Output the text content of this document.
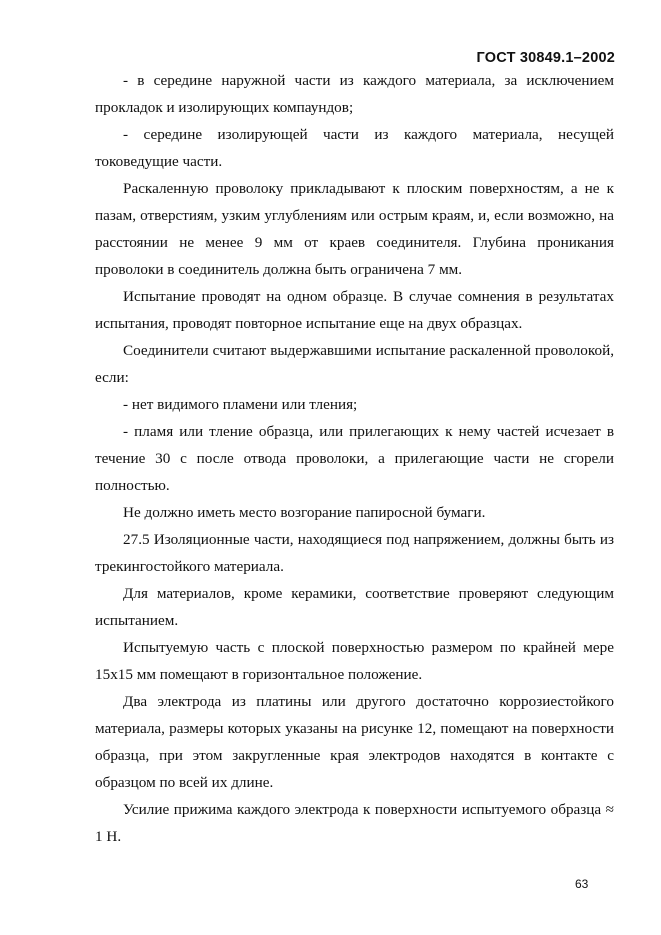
ГОСТ 30849.1–2002

- в середине наружной части из каждого материала, за исключением прокладок и изолирующих компаундов;

- середине изолирующей части из каждого материала, несущей токоведущие части.

Раскаленную проволоку прикладывают к плоским поверхностям, а не к пазам, отверстиям, узким углублениям или острым краям, и, если возможно, на расстоянии не менее 9 мм от краев соединителя. Глубина проникания проволоки в соединитель должна быть ограничена 7 мм.

Испытание проводят на одном образце. В случае сомнения в результатах испытания, проводят повторное испытание еще на двух образцах.

Соединители считают выдержавшими испытание раскаленной проволокой, если:

- нет видимого пламени или тления;

- пламя или тление образца, или прилегающих к нему частей исчезает в течение 30 с после отвода проволоки, а прилегающие части не сгорели полностью.

Не должно иметь место возгорание папиросной бумаги.

27.5 Изоляционные части, находящиеся под напряжением, должны быть из трекингостойкого материала.

Для материалов, кроме керамики, соответствие проверяют следующим испытанием.

Испытуемую часть с плоской поверхностью размером по крайней мере 15х15 мм помещают в горизонтальное положение.

Два электрода из платины или другого достаточно коррозиестойкого материала, размеры которых указаны на рисунке 12, помещают на поверхности образца, при этом закругленные края электродов находятся в контакте с образцом по всей их длине.

Усилие прижима каждого электрода к поверхности испытуемого образца ≈ 1 Н.

63
